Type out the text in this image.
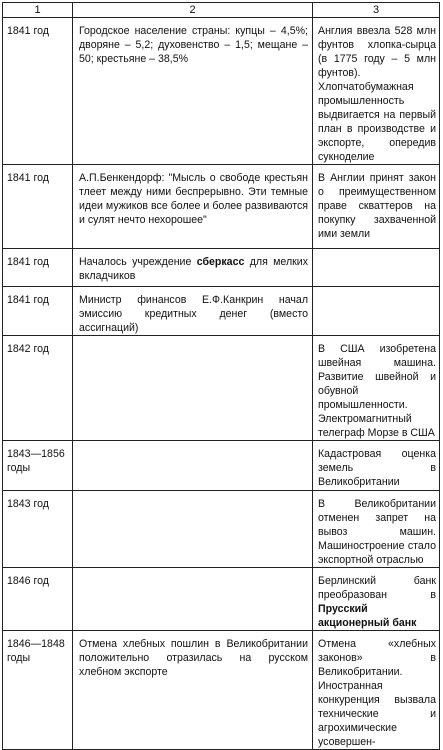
1	2	3
1841 год	Городское население страны: купцы – 4,5%; дворяне – 5,2; духовенство – 1,5; мещане – 50; крестьяне – 38,5%	Англия ввезла 528 млн фунтов хлопка-сырца (в 1775 году – 5 млн фунтов). Хлопчатобумажная промышленность выдвигается на первый план в производстве и экспорте, опередив сукноделие
1841 год	А.П.Бенкендорф: "Мысль о свободе крестьян тлеет между ними беспрерывно. Эти темные идеи мужиков все более и более развиваются и сулят нечто нехорошее"	В Англии принят закон о преимущественном праве скваттеров на покупку захваченной ими земли
1841 год	Началось учреждение сберкасс для мелких вкладчиков	
1841 год	Министр финансов Е.Ф.Канкрин начал эмиссию кредитных денег (вместо ассигнаций)	
1842 год		В США изобретена швейная машина. Развитие швейной и обувной промышленности. Электромагнитный телеграф Морзе в США
1843—1856 годы		Кадастровая оценка земель в Великобритании
1843 год		В Великобритании отменен запрет на вывоз машин. Машиностроение стало экспортной отраслью
1846 год		Берлинский банк преобразован в Прусский акционерный банк
1846—1848 годы	Отмена хлебных пошлин в Великобритании положительно отразилась на русском хлебном экспорте	Отмена «хлебных законов» в Великобритании. Иностранная конкуренция вызвала технические и агрохимические усовершен-
